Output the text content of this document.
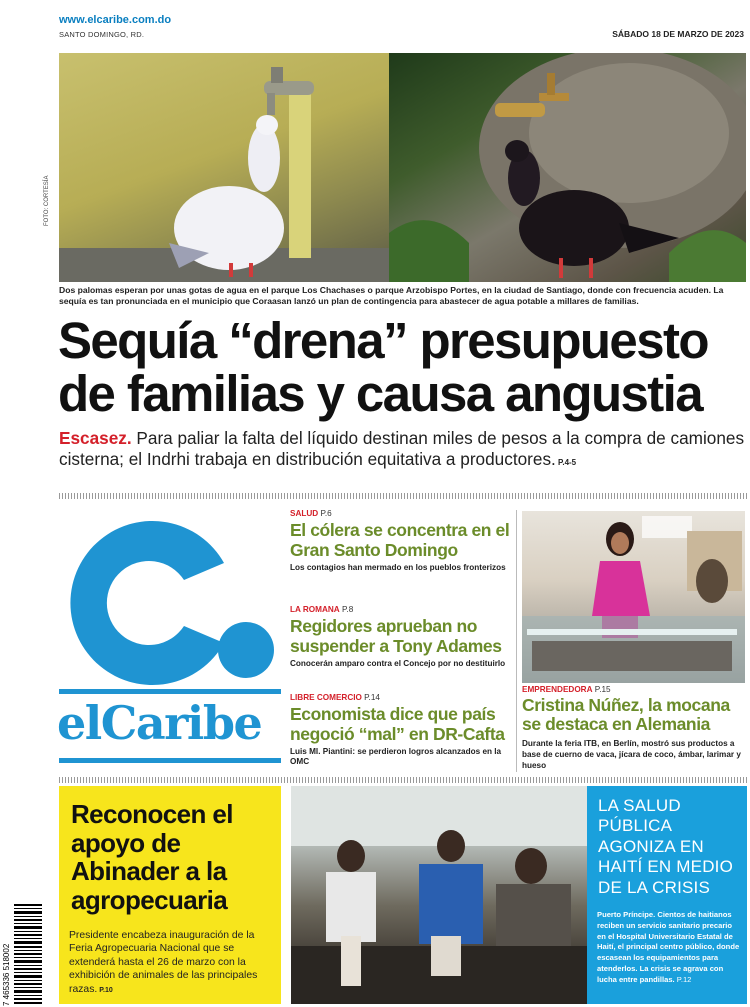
www.elcaribe.com.do
SANTO DOMINGO, RD.	SÁBADO 18 DE MARZO DE 2023
FOTO: CORTESÍA
Dos palomas esperan por unas gotas de agua en el parque Los Chachases o parque Arzobispo Portes, en la ciudad de Santiago, donde con frecuencia acuden. La sequía es tan pronunciada en el municipio que Coraasan lanzó un plan de contingencia para abastecer de agua potable a millares de familias.
Sequía “drena” presupuesto de familias y causa angustia

Escasez. Para paliar la falta del líquido destinan miles de pesos a la compra de camiones cisterna; el Indrhi trabaja en distribución equitativa a productores. P.4-5

elCaribe
SALUD P.6
El cólera se concentra en el Gran Santo Domingo
Los contagios han mermado en los pueblos fronterizos
LA ROMANA P.8
Regidores aprueban no suspender a Tony Adames
Conocerán amparo contra el Concejo por no destituirlo
LIBRE COMERCIO P.14
Economista dice que país negoció “mal” en DR-Cafta
Luis Ml. Piantini: se perdieron logros alcanzados en la OMC
EMPRENDEDORA P.15
Cristina Núñez, la mocana se destaca en Alemania
Durante la feria ITB, en Berlín, mostró sus productos a base de cuerno de vaca, jícara de coco, ámbar, larimar y hueso
Reconocen el apoyo de Abinader a la agropecuaria
Presidente encabeza inauguración de la Feria Agropecuaria Nacional que se extenderá hasta el 26 de marzo con la exhibición de animales de las principales razas. P.10
LA SALUD PÚBLICA AGONIZA EN HAITÍ EN MEDIO DE LA CRISIS
Puerto Príncipe. Cientos de haitianos reciben un servicio sanitario precario en el Hospital Universitario Estatal de Haití, el principal centro público, donde escasean los equipamientos para atenderlos. La crisis se agrava con lucha entre pandillas. P.12
7 465336 518002
